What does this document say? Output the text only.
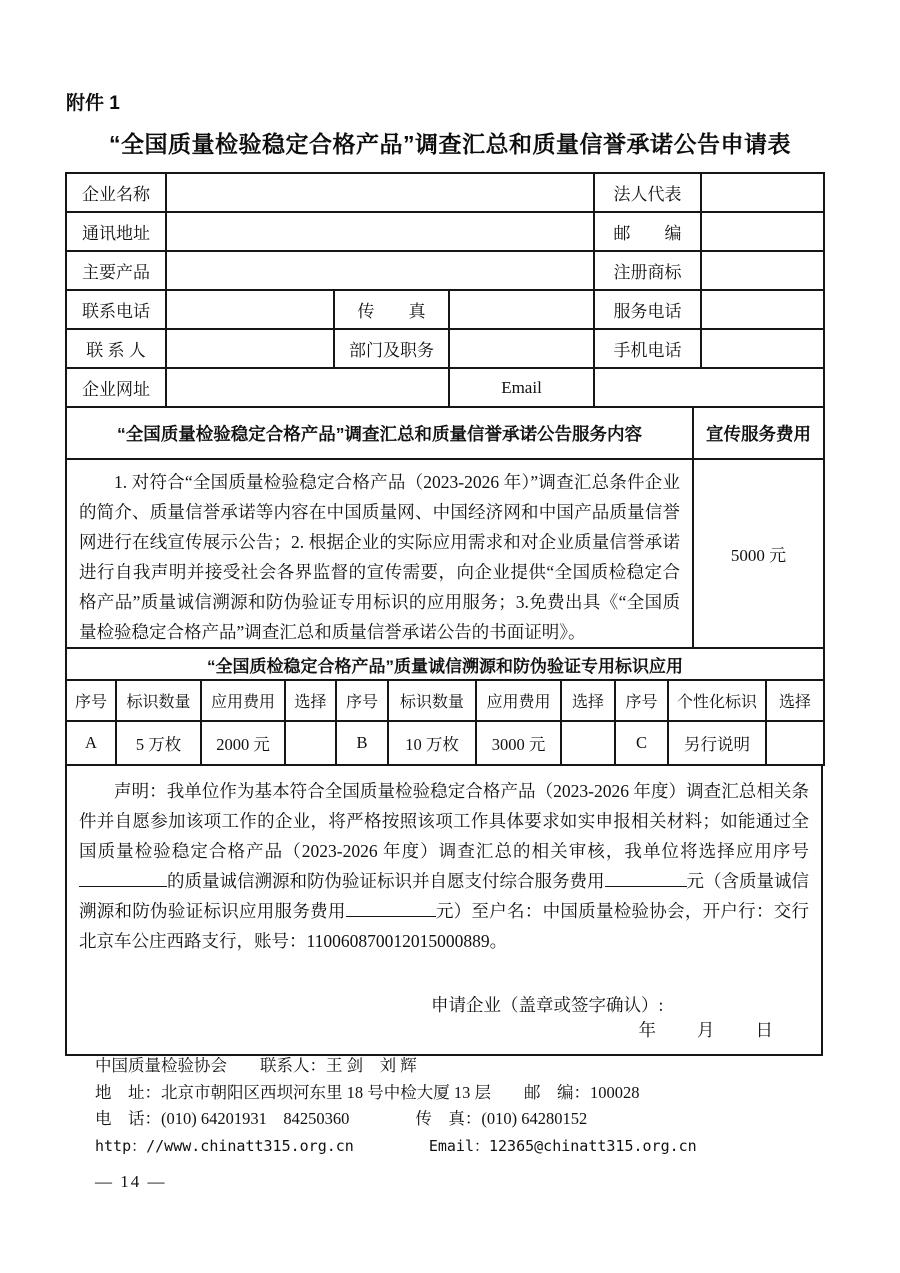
附件 1
“全国质量检验稳定合格产品”调查汇总和质量信誉承诺公告申请表
企业名称				法人代表	
通讯地址				邮　　编	
主要产品				注册商标	
联系电话		传　　真		服务电话	
联 系 人		部门及职务		手机电话	
企业网址			Email		
“全国质量检验稳定合格产品”调查汇总和质量信誉承诺公告服务内容	宣传服务费用
1. 对符合“全国质量检验稳定合格产品（2023-2026 年）”调查汇总条件企业的简介、质量信誉承诺等内容在中国质量网、中国经济网和中国产品质量信誉网进行在线宣传展示公告；2. 根据企业的实际应用需求和对企业质量信誉承诺进行自我声明并接受社会各界监督的宣传需要，向企业提供“全国质检稳定合格产品”质量诚信溯源和防伪验证专用标识的应用服务；3.免费出具《“全国质量检验稳定合格产品”调查汇总和质量信誉承诺公告的书面证明》。	5000 元
“全国质检稳定合格产品”质量诚信溯源和防伪验证专用标识应用										
序号	标识数量	应用费用	选择	序号	标识数量	应用费用	选择	序号	个性化标识	选择
A	5 万枚	2000 元		B	10 万枚	3000 元		C	另行说明	
声明：我单位作为基本符合全国质量检验稳定合格产品（2023-2026 年度）调查汇总相关条件并自愿参加该项工作的企业，将严格按照该项工作具体要求如实申报相关材料；如能通过全国质量检验稳定合格产品（2023-2026 年度）调查汇总的相关审核，我单位将选择应用序号的质量诚信溯源和防伪验证标识并自愿支付综合服务费用	元（含质量诚信溯源和防伪验证标识应用服务费用	元）至户名：中国质量检验协会，开户行：交行北京车公庄西路支行，账号：110060870012015000889。
申请企业（盖章或签字确认）:
年　　月　　日
中国质量检验协会　　联系人：王 剑　刘 辉
地　址：北京市朝阳区西坝河东里 18 号中检大厦 13 层　　邮　编：100028
电　话：(010) 64201931　84250360　　　　传　真：(010) 64280152
http：//www.chinatt315.org.cn　　　　　Email：12365@chinatt315.org.cn
— 14 —
